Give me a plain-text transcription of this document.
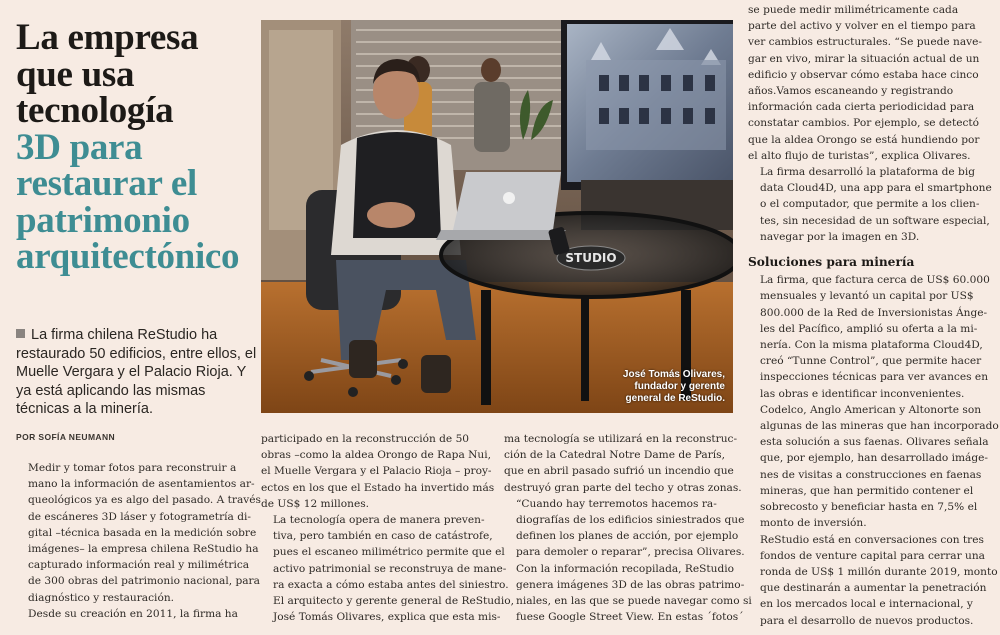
La empresa
que usa
tecnología
3D para
restaurar el
patrimonio
arquitectónico
La firma chilena ReStudio ha restaurado 50 edificios, entre ellos, el Muelle Vergara y el Palacio Rioja. Y ya está aplicando las mismas técnicas a la minería.
POR SOFÍA NEUMANN

Medir y tomar fotos para reconstruir a
mano la información de asentamientos ar-
queológicos ya es algo del pasado. A través
de escáneres 3D láser y fotogrametría di-
gital –técnica basada en la medición sobre
imágenes– la empresa chilena ReStudio ha
capturado información real y milimétrica
de 300 obras del patrimonio nacional, para
diagnóstico y restauración.

Desde su creación en 2011, la firma ha

STUDIO
José Tomás Olivares,
fundador y gerente
general de ReStudio.

participado en la reconstrucción de 50
obras –como la aldea Orongo de Rapa Nui,
el Muelle Vergara y el Palacio Rioja – proy-
ectos en los que el Estado ha invertido más
de US$ 12 millones.

La tecnología opera de manera preven-
tiva, pero también en caso de catástrofe,
pues el escaneo milimétrico permite que el
activo patrimonial se reconstruya de mane-
ra exacta a cómo estaba antes del siniestro.
El arquitecto y gerente general de ReStudio,
José Tomás Olivares, explica que esta mis-

ma tecnología se utilizará en la reconstruc-
ción de la Catedral Notre Dame de París,
que en abril pasado sufrió un incendio que
destruyó gran parte del techo y otras zonas.

“Cuando hay terremotos hacemos ra-
diografías de los edificios siniestrados que
definen los planes de acción, por ejemplo
para demoler o reparar”, precisa Olivares.

Con la información recopilada, ReStudio
genera imágenes 3D de las obras patrimo-
niales, en las que se puede navegar como si
fuese Google Street View. En estas ´fotos´

se puede medir milimétricamente cada
parte del activo y volver en el tiempo para
ver cambios estructurales. “Se puede nave-
gar en vivo, mirar la situación actual de un
edificio y observar cómo estaba hace cinco
años.Vamos escaneando y registrando
información cada cierta periodicidad para
constatar cambios. Por ejemplo, se detectó
que la aldea Orongo se está hundiendo por
el alto flujo de turistas”, explica Olivares.

La firma desarrolló la plataforma de big
data Cloud4D, una app para el smartphone
o el computador, que permite a los clien-
tes, sin necesidad de un software especial,
navegar por la imagen en 3D.

Soluciones para minería

La firma, que factura cerca de US$ 60.000
mensuales y levantó un capital por US$
800.000 de la Red de Inversionistas Ánge-
les del Pacífico, amplió su oferta a la mi-
nería. Con la misma plataforma Cloud4D,
creó “Tunne Control”, que permite hacer
inspecciones técnicas para ver avances en
las obras e identificar inconvenientes.

Codelco, Anglo American y Altonorte son
algunas de las mineras que han incorporado
esta solución a sus faenas. Olivares señala
que, por ejemplo, han desarrollado imáge-
nes de visitas a construcciones en faenas
mineras, que han permitido contener el
sobrecosto y beneficiar hasta en 7,5% el
monto de inversión.

ReStudio está en conversaciones con tres
fondos de venture capital para cerrar una
ronda de US$ 1 millón durante 2019, monto
que destinarán a aumentar la penetración
en los mercados local e internacional, y
para el desarrollo de nuevos productos.
